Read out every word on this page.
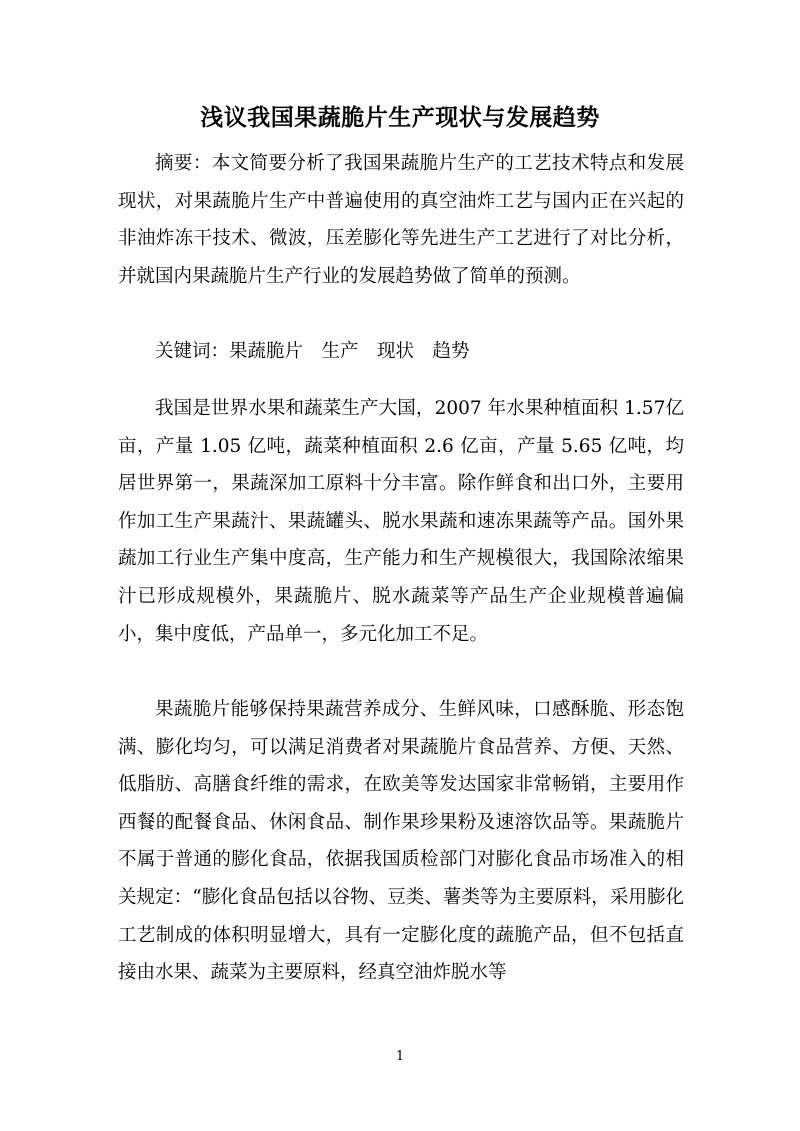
浅议我国果蔬脆片生产现状与发展趋势

摘要：本文简要分析了我国果蔬脆片生产的工艺技术特点和发展现状，对果蔬脆片生产中普遍使用的真空油炸工艺与国内正在兴起的非油炸冻干技术、微波，压差膨化等先进生产工艺进行了对比分析，并就国内果蔬脆片生产行业的发展趋势做了简单的预测。

关键词：果蔬脆片　生产　现状　趋势

我国是世界水果和蔬菜生产大国，2007 年水果种植面积 1.57亿亩，产量 1.05 亿吨，蔬菜种植面积 2.6 亿亩，产量 5.65 亿吨，均居世界第一，果蔬深加工原料十分丰富。除作鲜食和出口外，主要用作加工生产果蔬汁、果蔬罐头、脱水果蔬和速冻果蔬等产品。国外果蔬加工行业生产集中度高，生产能力和生产规模很大，我国除浓缩果汁已形成规模外，果蔬脆片、脱水蔬菜等产品生产企业规模普遍偏小，集中度低，产品单一，多元化加工不足。

果蔬脆片能够保持果蔬营养成分、生鲜风味，口感酥脆、形态饱满、膨化均匀，可以满足消费者对果蔬脆片食品营养、方便、天然、低脂肪、高膳食纤维的需求，在欧美等发达国家非常畅销，主要用作西餐的配餐食品、休闲食品、制作果珍果粉及速溶饮品等。果蔬脆片不属于普通的膨化食品，依据我国质检部门对膨化食品市场准入的相关规定：“膨化食品包括以谷物、豆类、薯类等为主要原料，采用膨化工艺制成的体积明显增大，具有一定膨化度的蔬脆产品，但不包括直接由水果、蔬菜为主要原料，经真空油炸脱水等

1
